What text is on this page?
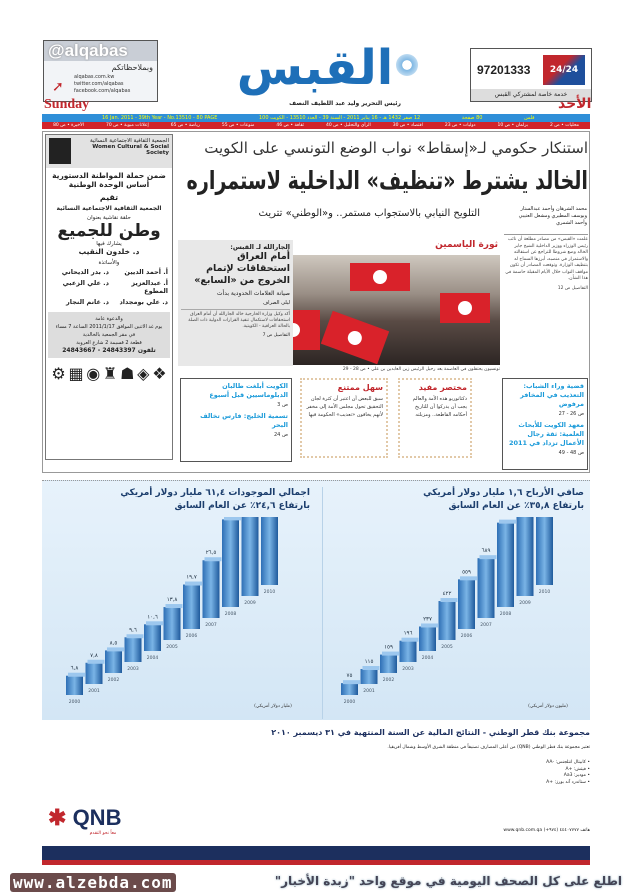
@alqabas
وبملاحظاتكم
alqabas.com.kw
twitter.com/alqabas
facebook.com/alqabas
➚	القبس
رئيس التحرير وليد عبد اللطيف النصف
97201333	24/24
خدمة خاصة لمشتركي القبس
16 Jan. 2011 - 39th Year - No.13510 - 80 PAGE	100 فلس 80 صفحة 12 صفر 1432 هـ - 16 يناير 2011 - السنة 39 - العدد 13510 - الكويت
محليات • ص 2
برلمان • ص 10
دوليات • ص 23
اقتصاد • ص 30
الرأي والتحليل • ص 40
ثقافة • ص 46
منوعات • ص 55
رياضة • ص 65
إعلانات مبوبة • ص 70
الأخيرة • ص 80
Sunday	الأحد
الجمعية الثقافية الاجتماعية النسائية
Women Cultural & Social Society

ضمن حملة المواطنة الدستورية أساس الوحدة الوطنية

تقيم

الجمعية الثقافية الاجتماعية النسائية

حلقة نقاشية بعنوان

وطن للجميع

يشارك فيها

د. خلدون النقيب

والأساتذة

أ. أحمد الديين
د. بدر الديحاني
أ. عبدالعزيز المطوع
د. علي الزعبي
د. علي بومجداد
د. غانم النجار
والدعوة عامة
يوم غد الاثنين الموافق 2011/1/17 الساعة 7 مساء
في مقر الجمعية بالخالدية
قطعة 2 قسيمة 2 شارع العروبة
تلفون 24843397 - 24843667
⚙ ▦ ◉ ♜ ☗ ◈ ❖
استنكار حكومي لـ«إسقاط» نواب الوضع التونسي على الكويت
الخالد يشترط «تنظيف» الداخلية لاستمراره
التلويح النيابي بالاستجواب مستمر.. و«الوطني» تتريث	محمد الشرهان وأحمد عبدالستار ويوسف المطيري ومشعل العتيبي وأحمد الشمري
علمت «القبس» من مصادر مطلعة أن نائب رئيس الوزراء ووزير الداخلية الشيخ جابر الخالد وضع شروطا للتراجع عن استقالته والاستمرار في منصبه، أبرزها السماح له بتنظيف الوزارة. وتوقعت المصادر أن تكون مواقف النواب خلال الأيام المقبلة حاسمة في هذا الشأن.
التفاصيل ص 12
ثورة الياسمين
تونسيون يحتفلون في العاصمة بعد رحيل الرئيس زين العابدين بن علي • ص 28 - 29
الجارالله لـ القبس:
أمام العراق استحقاقات لإتمام الخروج من «السابع»
صيانة العلامات الحدودية بدأت
ليلى الصراف
أكد وكيل وزارة الخارجية خالد الجارالله أن أمام العراق استحقاقات لاستكمال تنفيذ القرارات الدولية ذات الصلة بالحالة العراقية - الكويتية.
التفاصيل ص 7
الكويت أبلغت طالبان الدبلوماسيين قبل أسبوع
ص 3
تسمية الخليج: فارس تخالف البحر
ص 24
سهل ممتنع
سبق للبعض أن اعتبر أن كثرة لجان التحقيق تحول مجلس الأمة إلى مخفر لأنهم يخافون «تعذيب» الحكومة فيها
مختصر مفيد
دكتاتوريو هذه الأمة والعالم يجب أن يدركوا أن للتاريخ أحكامه القاطعة.. ومزبلته
قضية وراء الشباب: التعذيب في المخافر مرفوض
ص 26 - 27
معهد الكويت للأبحاث العلمية: ثقة رجال الأعمال تزداد في 2011
ص 48 - 49
صافي الأرباح ١,٦ مليار دولار أمريكي
بارتفاع ٣٥,٨٪ عن العام السابق
٧٥
2000
١١٥
2001
١٥٩
2002
١٩٦
2003
٢٣٧
2004
٤٢٢
2005
٥٥٩
2006
٦٨٩
2007
2008
2009
2010
(مليون دولار أمريكي)
اجمالي الموجودات ٦١,٤ مليار دولار أمريكي
بارتفاع ٢٤,٦٪ عن العام السابق
٦,٨
2000
٧,٨
2001
٨,٥
2002
٩,٦
2003
١٠,٦
2004
١٣,٨
2005
١٩,٧
2006
٢٦,٥
2007
2008
2009
2010
(مليار دولار أمريكي)
مجموعة بنك قطر الوطني - النتائج المالية عن السنة المنتهية في ٣١ ديسمبر ٢٠١٠
تعتبر مجموعة بنك قطر الوطني (QNB) من أعلى المصارف تصنيفاً في منطقة الشرق الأوسط وشمال أفريقيا.
• كابيتال انتلجنس: -AA
• فيتش: +A
• موديز: Aa3
• ستاندرد آند بورز: +A
✱ QNB
معاً نحو التقدم
هاتف ٤٤٤٠٧٧٧٧ (٩٧٤+) www.qnb.com.qa
www.alzebda.com	اطلع على كل الصحف اليومية في موقع واحد "زبدة الأخبار"
